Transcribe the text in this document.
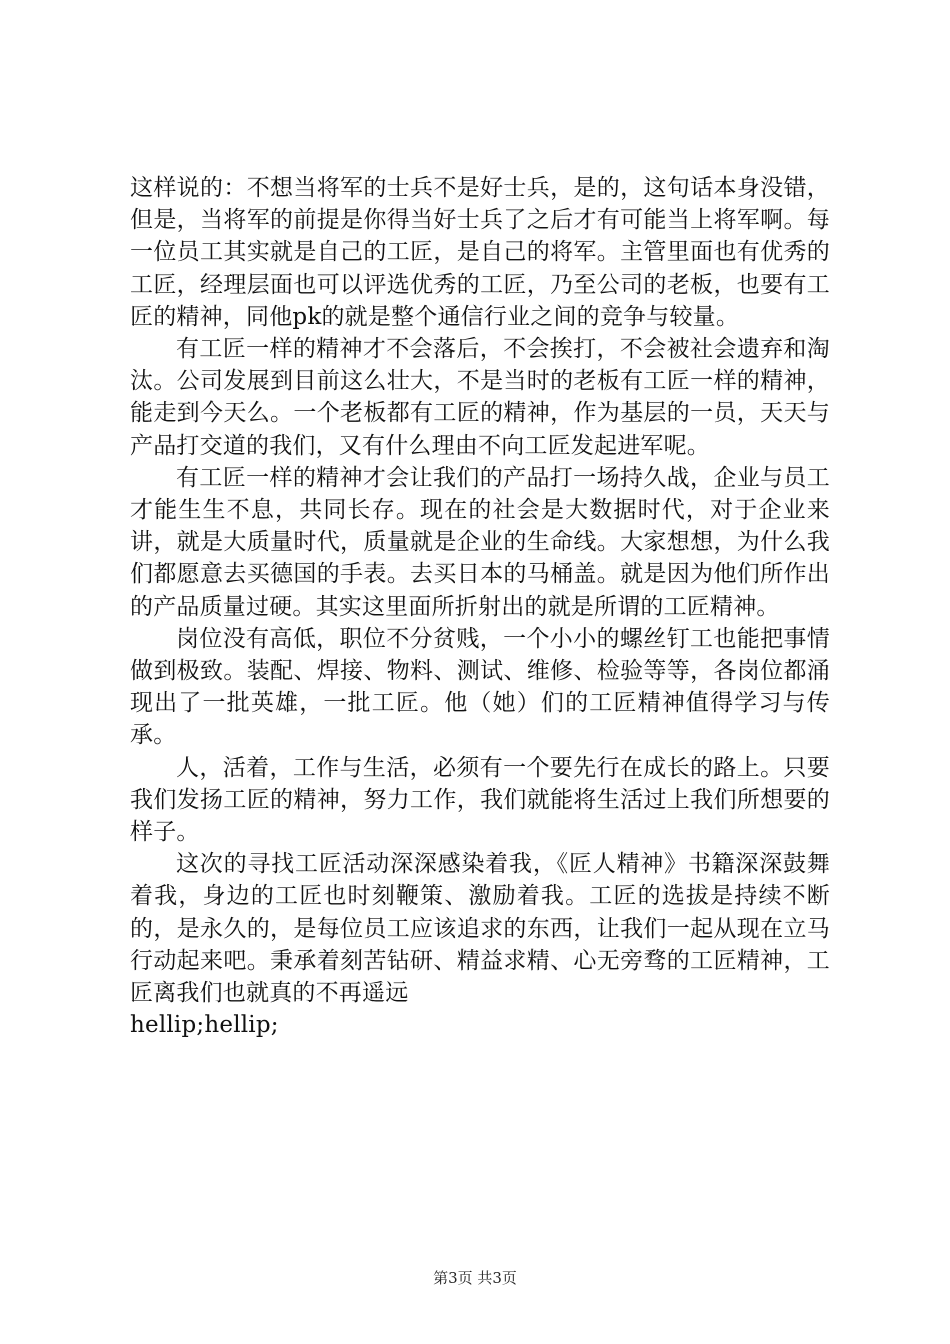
这样说的：不想当将军的士兵不是好士兵，是的，这句话本身没错，但是，当将军的前提是你得当好士兵了之后才有可能当上将军啊。每一位员工其实就是自己的工匠，是自己的将军。主管里面也有优秀的工匠，经理层面也可以评选优秀的工匠，乃至公司的老板，也要有工匠的精神，同他pk的就是整个通信行业之间的竞争与较量。

有工匠一样的精神才不会落后，不会挨打，不会被社会遗弃和淘汰。公司发展到目前这么壮大，不是当时的老板有工匠一样的精神，能走到今天么。一个老板都有工匠的精神，作为基层的一员，天天与产品打交道的我们，又有什么理由不向工匠发起进军呢。

有工匠一样的精神才会让我们的产品打一场持久战，企业与员工才能生生不息，共同长存。现在的社会是大数据时代，对于企业来讲，就是大质量时代，质量就是企业的生命线。大家想想，为什么我们都愿意去买德国的手表。去买日本的马桶盖。就是因为他们所作出的产品质量过硬。其实这里面所折射出的就是所谓的工匠精神。

岗位没有高低，职位不分贫贱，一个小小的螺丝钉工也能把事情做到极致。装配、焊接、物料、测试、维修、检验等等，各岗位都涌现出了一批英雄，一批工匠。他（她）们的工匠精神值得学习与传承。

人，活着，工作与生活，必须有一个要先行在成长的路上。只要我们发扬工匠的精神，努力工作，我们就能将生活过上我们所想要的样子。

这次的寻找工匠活动深深感染着我，《匠人精神》书籍深深鼓舞着我，身边的工匠也时刻鞭策、激励着我。工匠的选拔是持续不断的，是永久的，是每位员工应该追求的东西，让我们一起从现在立马行动起来吧。秉承着刻苦钻研、精益求精、心无旁骛的工匠精神，工匠离我们也就真的不再遥远

hellip;hellip;

第3页 共3页
